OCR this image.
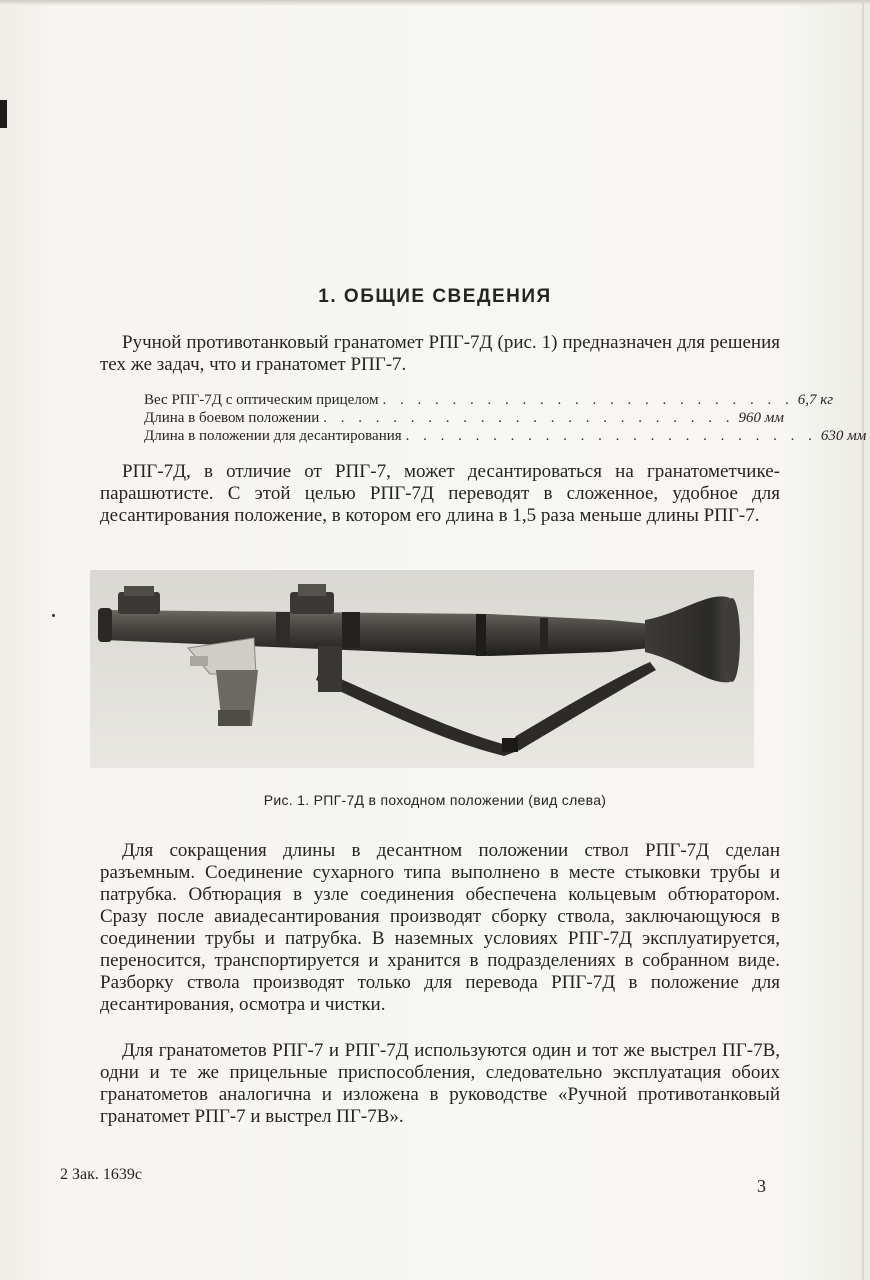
1. ОБЩИЕ СВЕДЕНИЯ
Ручной противотанковый гранатомет РПГ-7Д (рис. 1) предназначен для решения тех же задач, что и гранатомет РПГ-7.
Вес РПГ-7Д с оптическим прицелом . . . . . . . . . . . . . . . . . . . . . . . . 6,7 кг
Длина в боевом положении . . . . . . . . . . . . . . . . . . . . . . . . 960 мм
Длина в положении для десантирования . . . . . . . . . . . . . . . . . . . . . . . . 630 мм
РПГ-7Д, в отличие от РПГ-7, может десантироваться на гранатометчике-парашютисте. С этой целью РПГ-7Д переводят в сложенное, удобное для десантирования положение, в котором его длина в 1,5 раза меньше длины РПГ-7.
Рис. 1. РПГ-7Д в походном положении (вид слева)
Для сокращения длины в десантном положении ствол РПГ-7Д сделан разъемным. Соединение сухарного типа выполнено в месте стыковки трубы и патрубка. Обтюрация в узле соединения обеспечена кольцевым обтюратором. Сразу после авиадесантирования производят сборку ствола, заключающуюся в соединении трубы и патрубка. В наземных условиях РПГ-7Д эксплуатируется, переносится, транспортируется и хранится в подразделениях в собранном виде. Разборку ствола производят только для перевода РПГ-7Д в положение для десантирования, осмотра и чистки.
Для гранатометов РПГ-7 и РПГ-7Д используются один и тот же выстрел ПГ-7В, одни и те же прицельные приспособления, следовательно эксплуатация обоих гранатометов аналогична и изложена в руководстве «Ручной противотанковый гранатомет РПГ-7 и выстрел ПГ-7В».
2 Зак. 1639с
3
